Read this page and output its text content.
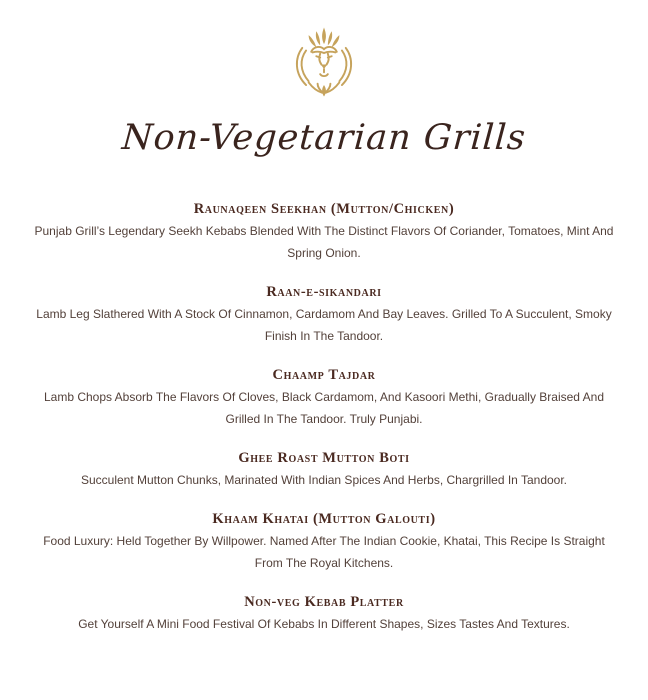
Non-Vegetarian Grills
Raunaqeen Seekhan (Mutton/Chicken)

Punjab Grill’s Legendary Seekh Kebabs Blended With The Distinct Flavors Of Coriander, Tomatoes, Mint And Spring Onion.

Raan-e-sikandari

Lamb Leg Slathered With A Stock Of Cinnamon, Cardamom And Bay Leaves. Grilled To A Succulent, Smoky Finish In The Tandoor.

Chaamp Tajdar

Lamb Chops Absorb The Flavors Of Cloves, Black Cardamom, And Kasoori Methi, Gradually Braised And Grilled In The Tandoor. Truly Punjabi.

Ghee Roast Mutton Boti

Succulent Mutton Chunks, Marinated With Indian Spices And Herbs, Chargrilled In Tandoor.

Khaam Khatai (Mutton Galouti)

Food Luxury: Held Together By Willpower. Named After The Indian Cookie, Khatai, This Recipe Is Straight From The Royal Kitchens.

Non-veg Kebab Platter

Get Yourself A Mini Food Festival Of Kebabs In Different Shapes, Sizes Tastes And Textures.
